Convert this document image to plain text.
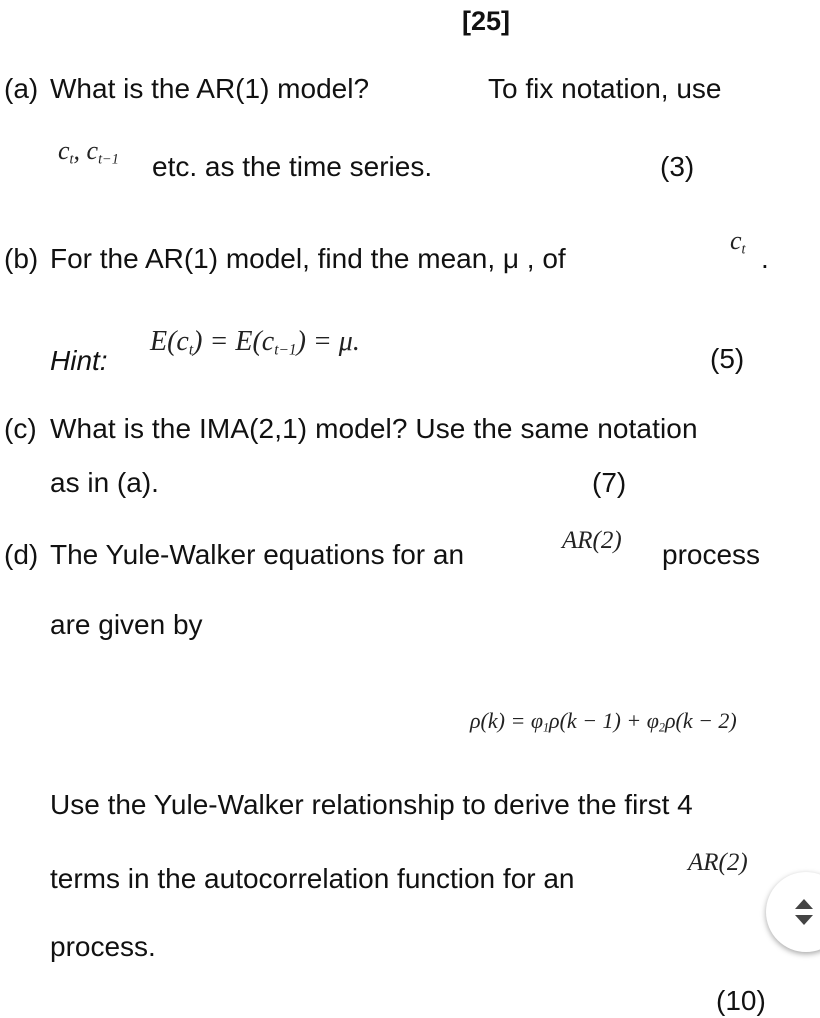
[25]
(a) What is the AR(1) model?	To fix notation, use
$c_t$, $c_{t-1}$ etc. as the time series.	(3)
(b) For the AR(1) model, find the mean, μ , of
$c_t$ .
Hint:
$E(c_t) = E(c_{t-1}) = \mu$.
(5)
(c) What is the IMA(2,1) model? Use the same notation
as in (a).	(7)
(d) The Yule-Walker equations for an	AR(2) process
are given by
$\rho(k) = \varphi_1\rho(k - 1) + \varphi_2\rho(k - 2)$
Use the Yule-Walker relationship to derive the first 4
terms in the autocorrelation function for an
AR(2)
process.
(10)
